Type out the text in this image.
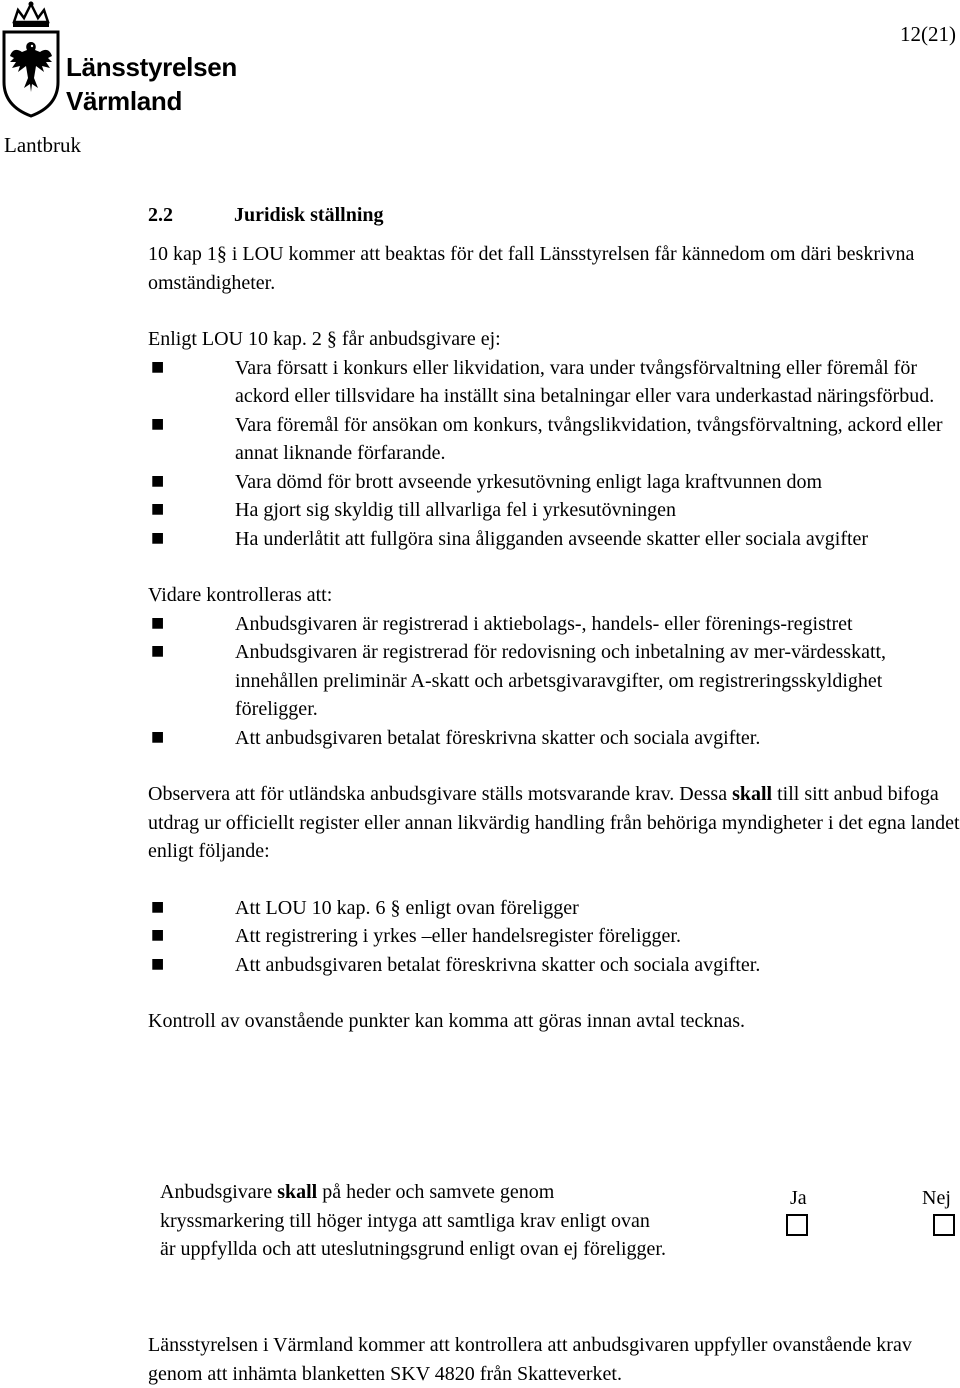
Länsstyrelsen
Värmland
12(21)
Lantbruk

2.2	Juridisk ställning

10 kap 1§ i LOU kommer att beaktas för det fall Länsstyrelsen får kännedom om däri beskrivna omständigheter.

Enligt LOU 10 kap. 2 § får anbudsgivare ej:

■	Vara försatt i konkurs eller likvidation, vara under tvångsförvaltning eller föremål för ackord eller tillsvidare ha inställt sina betalningar eller vara underkastad näringsförbud.
■	Vara föremål för ansökan om konkurs, tvångslikvidation, tvångsförvaltning, ackord eller annat liknande förfarande.
■	Vara dömd för brott avseende yrkesutövning enligt laga kraftvunnen dom
■	Ha gjort sig skyldig till allvarliga fel i yrkesutövningen
■	Ha underlåtit att fullgöra sina åligganden avseende skatter eller sociala avgifter

Vidare kontrolleras att:

■	Anbudsgivaren är registrerad i aktiebolags-, handels- eller förenings-registret
■	Anbudsgivaren är registrerad för redovisning och inbetalning av mer-värdesskatt, innehållen preliminär A-skatt och arbetsgivaravgifter, om registreringsskyldighet föreligger.
■	Att anbudsgivaren betalat föreskrivna skatter och sociala avgifter.

Observera att för utländska anbudsgivare ställs motsvarande krav. Dessa skall till sitt anbud bifoga utdrag ur officiellt register eller annan likvärdig handling från behöriga myndigheter i det egna landet enligt följande:

■	Att LOU 10 kap. 6 § enligt ovan föreligger
■	Att registrering i yrkes –eller handelsregister föreligger.
■	Att anbudsgivaren betalat föreskrivna skatter och sociala avgifter.

Kontroll av ovanstående punkter kan komma att göras innan avtal tecknas.

Anbudsgivare skall på heder och samvete genom kryssmarkering till höger intyga att samtliga krav enligt ovan är uppfyllda och att uteslutningsgrund enligt ovan ej föreligger.
Ja	Nej

Länsstyrelsen i Värmland kommer att kontrollera att anbudsgivaren uppfyller ovanstående krav genom att inhämta blanketten SKV 4820 från Skatteverket.
